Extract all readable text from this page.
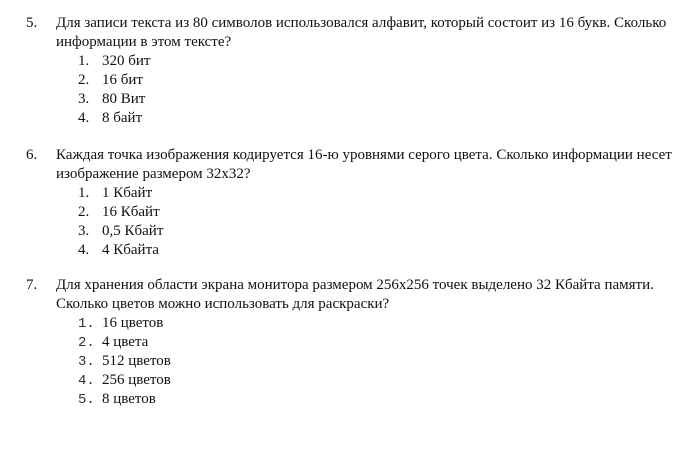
5.	Для записи текста из 80 символов использовался алфавит, который состоит из 16 букв. Сколько информации в этом тексте?
1. 320 бит
2. 16 бит
3. 80 Вит
4. 8 байт
6.	Каждая точка изображения кодируется 16-ю уровнями серого цвета. Сколько информации несет изображение размером 32х32?
1. 1 Кбайт
2. 16 Кбайт
3. 0,5 Кбайт
4. 4 Кбайта
7.	Для хранения области экрана монитора размером 256х256 точек выделено 32 Кбайта памяти. Сколько цветов можно использовать для раскраски?
1. 16 цветов
2. 4 цвета
3. 512 цветов
4. 256 цветов
5. 8 цветов
